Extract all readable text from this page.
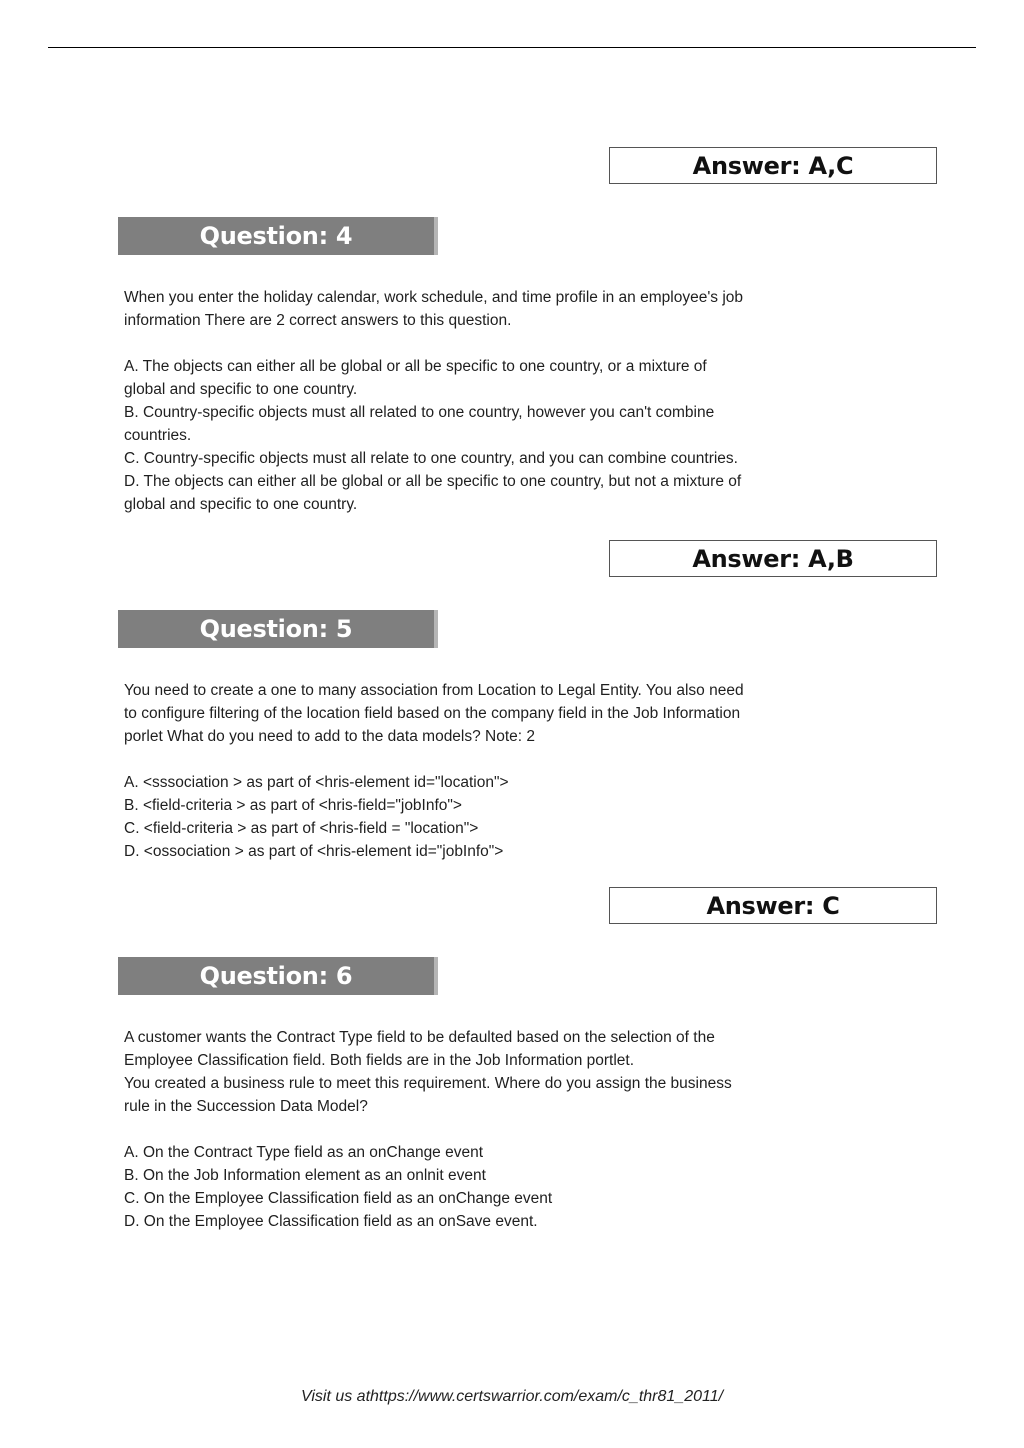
Answer: A,C
Question: 4

When you enter the holiday calendar, work schedule, and time profile in an employee's job

information There are 2 correct answers to this question.

A. The objects can either all be global or all be specific to one country, or a mixture of

global and specific to one country.

B. Country-specific objects must all related to one country, however you can't combine

countries.

C. Country-specific objects must all relate to one country, and you can combine countries.

D. The objects can either all be global or all be specific to one country, but not a mixture of

global and specific to one country.

Answer: A,B
Question: 5

You need to create a one to many association from Location to Legal Entity. You also need

to configure filtering of the location field based on the company field in the Job Information

porlet What do you need to add to the data models? Note: 2

A. <sssociation > as part of <hris-element id="location">

B. <field-criteria > as part of <hris-field="jobInfo">

C. <field-criteria > as part of <hris-field = "location">

D. <ossociation > as part of <hris-element id="jobInfo">

Answer: C
Question: 6

A customer wants the Contract Type field to be defaulted based on the selection of the

Employee Classification field. Both fields are in the Job Information portlet.

You created a business rule to meet this requirement. Where do you assign the business

rule in the Succession Data Model?

A. On the Contract Type field as an onChange event

B. On the Job Information element as an onlnit event

C. On the Employee Classification field as an onChange event

D. On the Employee Classification field as an onSave event.

Visit us athttps://www.certswarrior.com/exam/c_thr81_2011/
